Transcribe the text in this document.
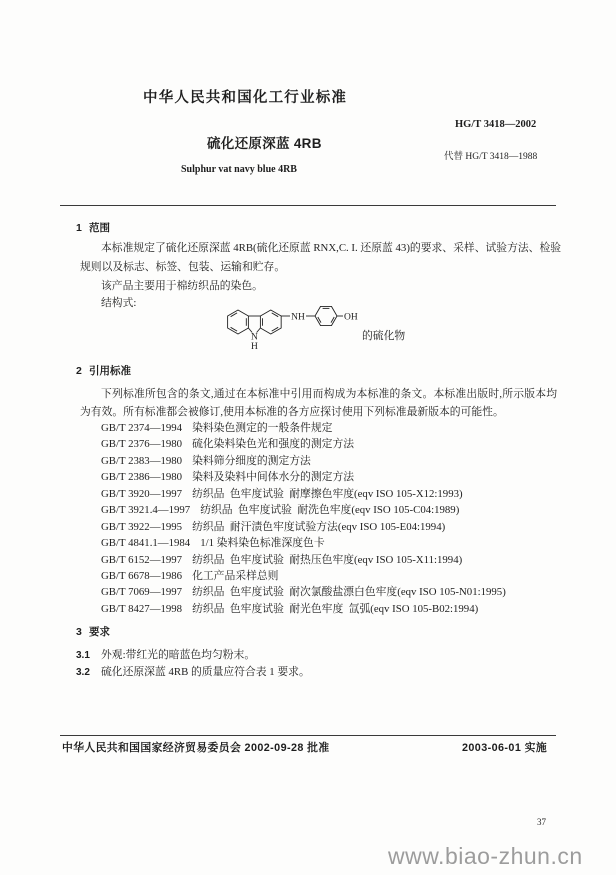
中华人民共和国化工行业标准
HG/T 3418—2002
硫化还原深蓝 4RB
代替 HG/T 3418—1988
Sulphur vat navy blue 4RB
1 范围
本标准规定了硫化还原深蓝 4RB(硫化还原蓝 RNX,C. I. 还原蓝 43)的要求、采样、试验方法、检验
规则以及标志、标签、包装、运输和贮存。
该产品主要用于棉纺织品的染色。
结构式:
N
H
NH	OH
的硫化物
2 引用标准
下列标准所包含的条文,通过在本标准中引用而构成为本标准的条文。本标准出版时,所示版本均
为有效。所有标准都会被修订,使用本标准的各方应探讨使用下列标准最新版本的可能性。
GB/T 2374—1994 染料染色测定的一般条件规定
GB/T 2376—1980 硫化染料染色光和强度的测定方法
GB/T 2383—1980 染料筛分细度的测定方法
GB/T 2386—1980 染料及染料中间体水分的测定方法
GB/T 3920—1997 纺织品  色牢度试验  耐摩擦色牢度(eqv ISO 105-X12:1993)
GB/T 3921.4—1997 纺织品  色牢度试验  耐洗色牢度(eqv ISO 105-C04:1989)
GB/T 3922—1995 纺织品  耐汗渍色牢度试验方法(eqv ISO 105-E04:1994)
GB/T 4841.1—1984 1/1 染料染色标准深度色卡
GB/T 6152—1997 纺织品  色牢度试验  耐热压色牢度(eqv ISO 105-X11:1994)
GB/T 6678—1986 化工产品采样总则
GB/T 7069—1997 纺织品  色牢度试验  耐次氯酸盐漂白色牢度(eqv ISO 105-N01:1995)
GB/T 8427—1998 纺织品  色牢度试验  耐光色牢度  氙弧(eqv ISO 105-B02:1994)
3 要求
3.1 外观:带红光的暗蓝色均匀粉末。
3.2 硫化还原深蓝 4RB 的质量应符合表 1 要求。
中华人民共和国国家经济贸易委员会 2002-09-28 批准	2003-06-01 实施
37
www.biao-zhun.cn
